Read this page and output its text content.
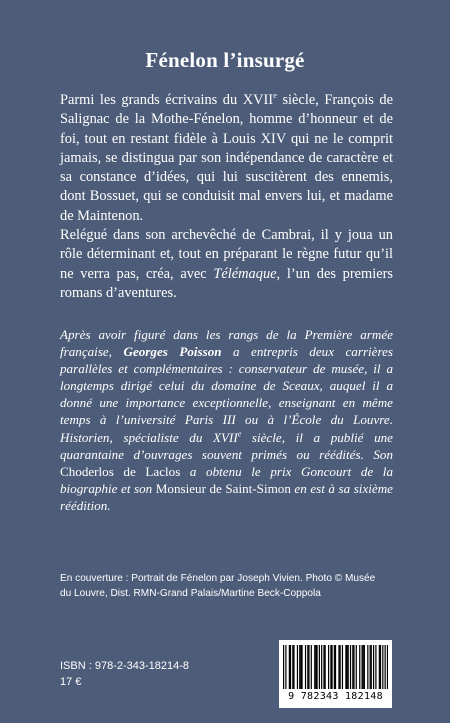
Fénelon l’insurgé

Parmi les grands écrivains du XVIIe siècle, François de Salignac de la Mothe-Fénelon, homme d’honneur et de foi, tout en restant fidèle à Louis XIV qui ne le comprit jamais, se distingua par son indépendance de caractère et sa constance d’idées, qui lui suscitèrent des ennemis, dont Bossuet, qui se conduisit mal envers lui, et madame de Maintenon.

Relégué dans son archevêché de Cambrai, il y joua un rôle déterminant et, tout en préparant le règne futur qu’il ne verra pas, créa, avec Télémaque, l’un des premiers romans d’aventures.

Après avoir figuré dans les rangs de la Première armée française, Georges Poisson a entrepris deux carrières parallèles et complémentaires : conservateur de musée, il a longtemps dirigé celui du domaine de Sceaux, auquel il a donné une importance exceptionnelle, enseignant en même temps à l’université Paris III ou à l’École du Louvre. Historien, spécialiste du XVIIe siècle, il a publié une quarantaine d’ouvrages souvent primés ou réédités. Son Choderlos de Laclos a obtenu le prix Goncourt de la biographie et son Monsieur de Saint-Simon en est à sa sixième réédition.
En couverture : Portrait de Fénelon par Joseph Vivien. Photo © Musée du Louvre, Dist. RMN-Grand Palais/Martine Beck-Coppola
ISBN : 978-2-343-18214-8
17 €
9 782343 182148
